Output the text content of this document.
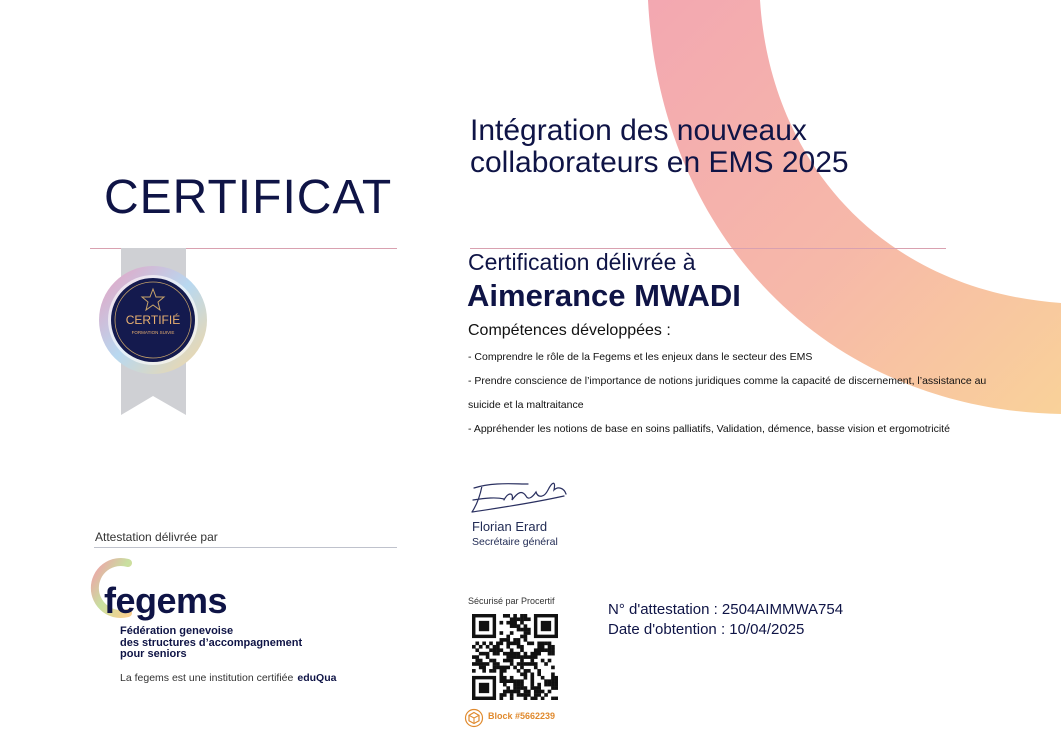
CERTIFICAT
Intégration des nouveaux
collaborateurs en EMS 2025
CERTIFIÉ
FORMATION SUIVIE
Certification délivrée à
Aimerance MWADI
Compétences développées :
- Comprendre le rôle de la Fegems et les enjeux dans le secteur des EMS
- Prendre conscience de l’importance de notions juridiques comme la capacité de discernement, l’assistance au suicide et la maltraitance
- Appréhender les notions de base en soins palliatifs, Validation, démence, basse vision et ergomotricité
Florian Erard
Secrétaire général
Attestation délivrée par
fegems
Fédération genevoise
des structures d’accompagnement
pour seniors
La fegems est une institution certifiée eduQua
Sécurisé par Procertif
Block #5662239
N° d'attestation : 2504AIMMWA754
Date d'obtention : 10/04/2025
